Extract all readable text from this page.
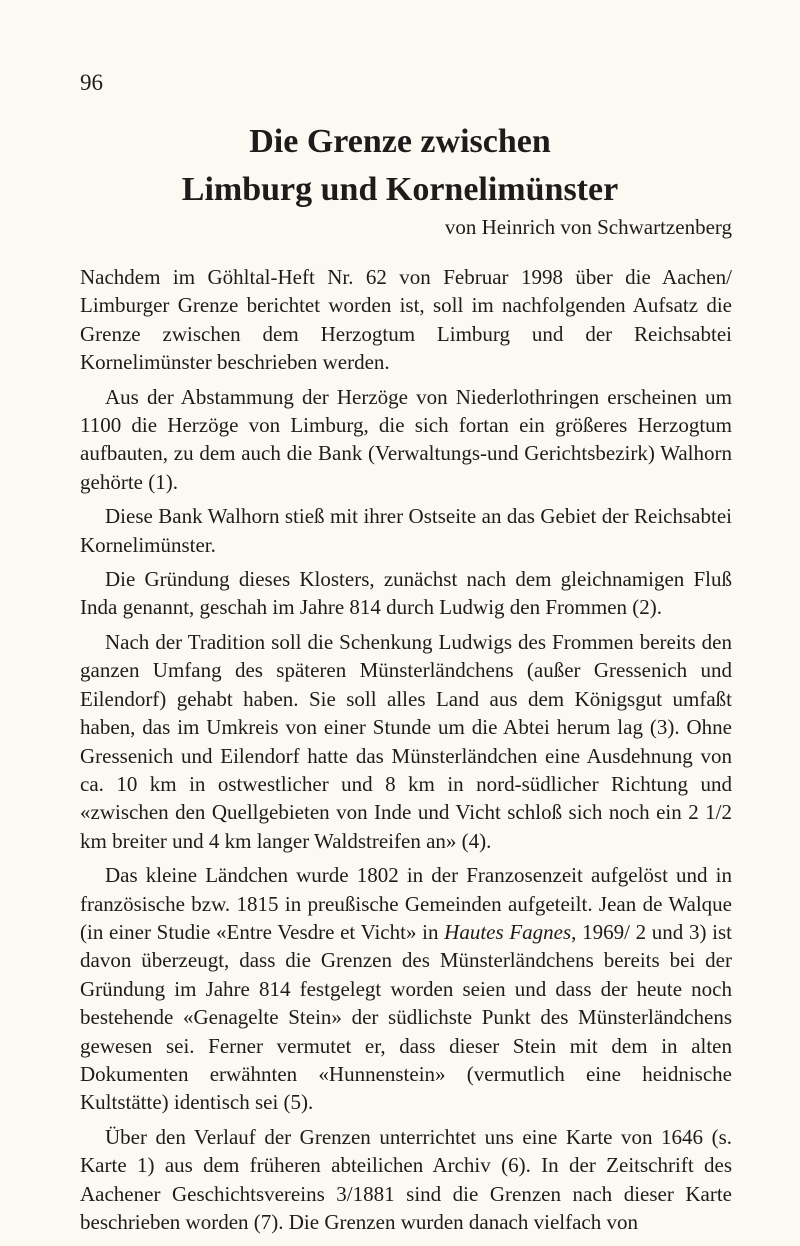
96
Die Grenze zwischen
Limburg und Kornelimünster
von Heinrich von Schwartzenberg

Nachdem im Göhltal-Heft Nr. 62 von Februar 1998 über die Aachen/ Limburger Grenze berichtet worden ist, soll im nachfolgenden Aufsatz die Grenze zwischen dem Herzogtum Limburg und der Reichsabtei Kornelimünster beschrieben werden.

Aus der Abstammung der Herzöge von Niederlothringen erscheinen um 1100 die Herzöge von Limburg, die sich fortan ein größeres Herzogtum aufbauten, zu dem auch die Bank (Verwaltungs-und Gerichtsbezirk) Walhorn gehörte (1).

Diese Bank Walhorn stieß mit ihrer Ostseite an das Gebiet der Reichsabtei Kornelimünster.

Die Gründung dieses Klosters, zunächst nach dem gleichnamigen Fluß Inda genannt, geschah im Jahre 814 durch Ludwig den Frommen (2).

Nach der Tradition soll die Schenkung Ludwigs des Frommen bereits den ganzen Umfang des späteren Münsterländchens (außer Gressenich und Eilendorf) gehabt haben. Sie soll alles Land aus dem Königsgut umfaßt haben, das im Umkreis von einer Stunde um die Abtei herum lag (3). Ohne Gressenich und Eilendorf hatte das Münsterländchen eine Ausdehnung von ca. 10 km in ostwestlicher und 8 km in nord-südlicher Richtung und «zwischen den Quellgebieten von Inde und Vicht schloß sich noch ein 2 1/2 km breiter und 4 km langer Waldstreifen an» (4).

Das kleine Ländchen wurde 1802 in der Franzosenzeit aufgelöst und in französische bzw. 1815 in preußische Gemeinden aufgeteilt. Jean de Walque (in einer Studie «Entre Vesdre et Vicht» in Hautes Fagnes, 1969/ 2 und 3) ist davon überzeugt, dass die Grenzen des Münsterländchens bereits bei der Gründung im Jahre 814 festgelegt worden seien und dass der heute noch bestehende «Genagelte Stein» der südlichste Punkt des Münsterländchens gewesen sei. Ferner vermutet er, dass dieser Stein mit dem in alten Dokumenten erwähnten «Hunnenstein» (vermutlich eine heidnische Kultstätte) identisch sei (5).

Über den Verlauf der Grenzen unterrichtet uns eine Karte von 1646 (s. Karte 1) aus dem früheren abteilichen Archiv (6). In der Zeitschrift des Aachener Geschichtsvereins 3/1881 sind die Grenzen nach dieser Karte beschrieben worden (7). Die Grenzen wurden danach vielfach von
